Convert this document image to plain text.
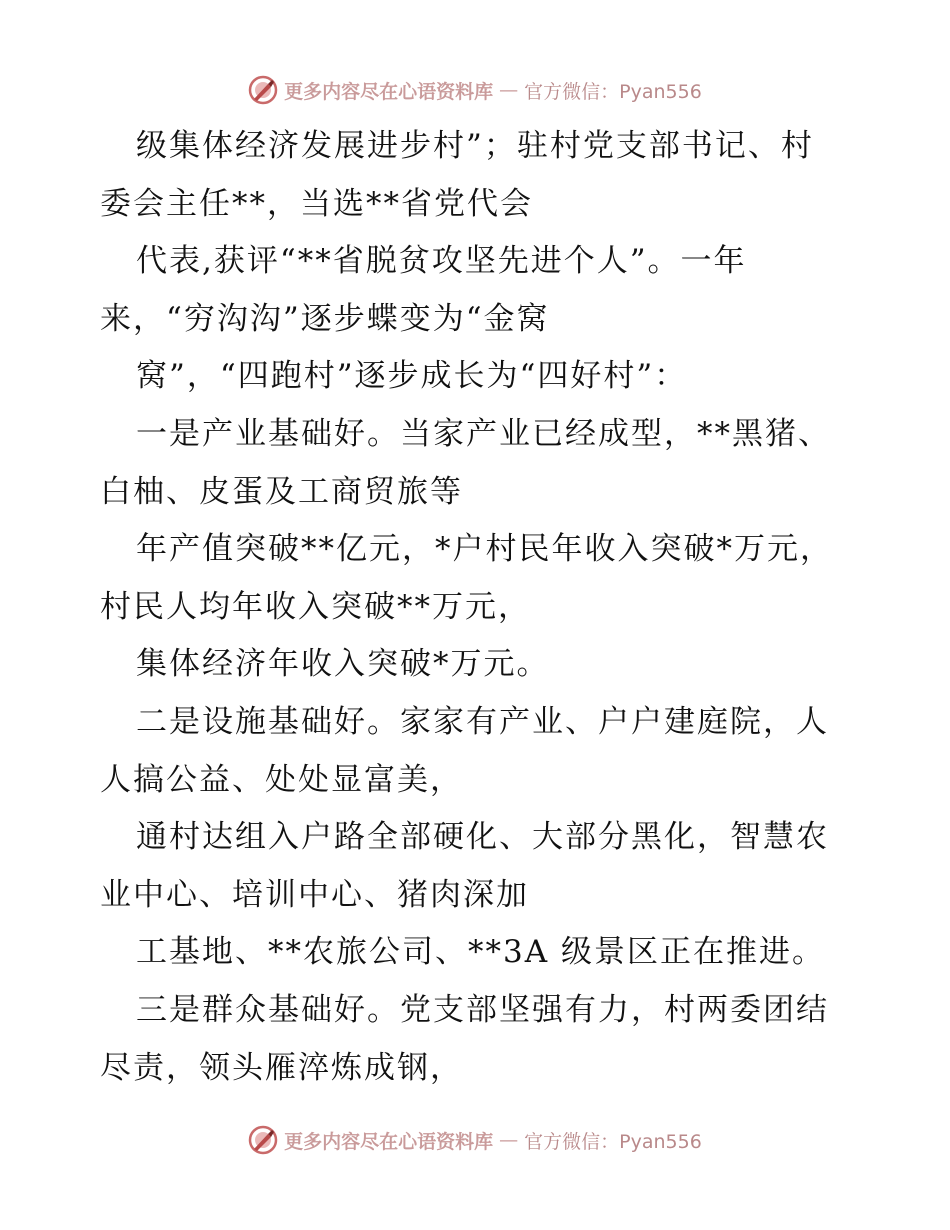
更多内容尽在心语资料库 — 官方微信：Pyan556
级集体经济发展进步村”；驻村党支部书记、村
委会主任**，当选**省党代会
代表,获评“**省脱贫攻坚先进个人”。一年
来，“穷沟沟”逐步蝶变为“金窝
窝”，“四跑村”逐步成长为“四好村”：
一是产业基础好。当家产业已经成型，**黑猪、
白柚、皮蛋及工商贸旅等
年产值突破**亿元，*户村民年收入突破*万元，
村民人均年收入突破**万元，
集体经济年收入突破*万元。
二是设施基础好。家家有产业、户户建庭院，人
人搞公益、处处显富美，
通村达组入户路全部硬化、大部分黑化，智慧农
业中心、培训中心、猪肉深加
工基地、**农旅公司、**3A 级景区正在推进。
三是群众基础好。党支部坚强有力，村两委团结
尽责，领头雁淬炼成钢，
更多内容尽在心语资料库 — 官方微信：Pyan556
